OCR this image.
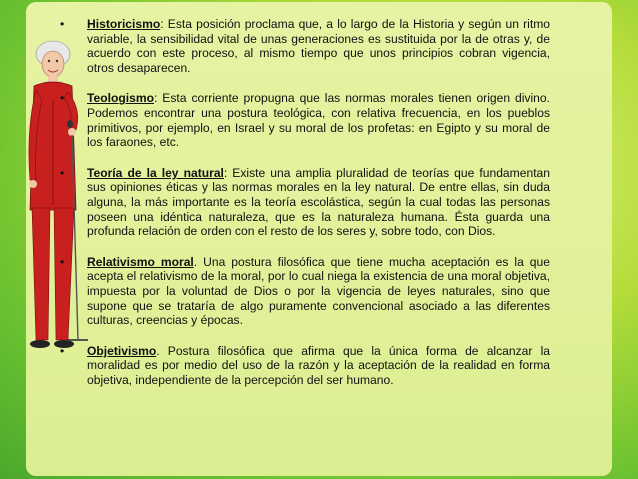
• Historicismo: Esta posición proclama que, a lo largo de la Historia y según un ritmo variable, la sensibilidad vital de unas generaciones es sustituida por la de otras y, de acuerdo con este proceso, al mismo tiempo que unos principios cobran vigencia, otros desaparecen.

• Teologismo: Esta corriente propugna que las normas morales tienen origen divino. Podemos encontrar una postura teológica, con relativa frecuencia, en los pueblos primitivos, por ejemplo, en Israel y su moral de los profetas: en Egipto y su moral de los faraones, etc.

• Teoría de la ley natural: Existe una amplia pluralidad de teorías que fundamentan sus opiniones éticas y las normas morales en la ley natural. De entre ellas, sin duda alguna, la más importante es la teoría escolástica, según la cual todas las personas poseen una idéntica naturaleza, que es la naturaleza humana. Ésta guarda una profunda relación de orden con el resto de los seres y, sobre todo, con Dios.

• Relativismo moral. Una postura filosófica que tiene mucha aceptación es la que acepta el relativismo de la moral, por lo cual niega la existencia de una moral objetiva, impuesta por la voluntad de Dios o por la vigencia de leyes naturales, sino que supone que se trataría de algo puramente convencional asociado a las diferentes culturas, creencias y épocas.

• Objetivismo. Postura filosófica que afirma que la única forma de alcanzar la moralidad es por medio del uso de la razón y la aceptación de la realidad en forma objetiva, independiente de la percepción del ser humano.
